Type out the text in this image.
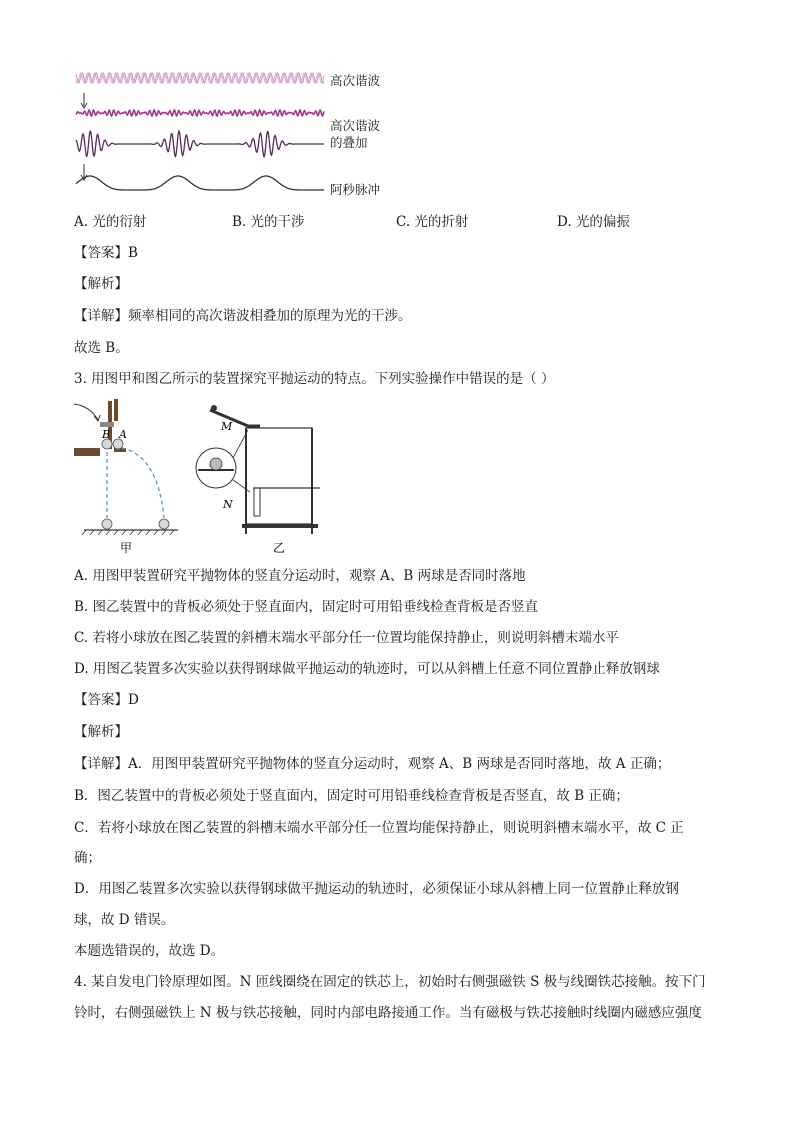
高次谐波
高次谐波
的叠加
阿秒脉冲
A. 光的衍射	B. 光的干涉	C. 光的折射	D. 光的偏振
【答案】B
【解析】
【详解】频率相同的高次谐波相叠加的原理为光的干涉。
故选 B。
3. 用图甲和图乙所示的装置探究平抛运动的特点。下列实验操作中错误的是（ ）
B A
M
N
甲	乙
A. 用图甲装置研究平抛物体的竖直分运动时，观察 A、B 两球是否同时落地
B. 图乙装置中的背板必须处于竖直面内，固定时可用铅垂线检查背板是否竖直
C. 若将小球放在图乙装置的斜槽末端水平部分任一位置均能保持静止，则说明斜槽末端水平
D. 用图乙装置多次实验以获得钢球做平抛运动的轨迹时，可以从斜槽上任意不同位置静止释放钢球
【答案】D
【解析】
【详解】A．用图甲装置研究平抛物体的竖直分运动时，观察 A、B 两球是否同时落地，故 A 正确；
B．图乙装置中的背板必须处于竖直面内，固定时可用铅垂线检查背板是否竖直，故 B 正确；
C．若将小球放在图乙装置的斜槽末端水平部分任一位置均能保持静止，则说明斜槽末端水平，故 C 正
确；
D．用图乙装置多次实验以获得钢球做平抛运动的轨迹时，必须保证小球从斜槽上同一位置静止释放钢
球，故 D 错误。
本题选错误的，故选 D。
4. 某自发电门铃原理如图。N 匝线圈绕在固定的铁芯上，初始时右侧强磁铁 S 极与线圈铁芯接触。按下门
铃时，右侧强磁铁上 N 极与铁芯接触，同时内部电路接通工作。当有磁极与铁芯接触时线圈内磁感应强度
